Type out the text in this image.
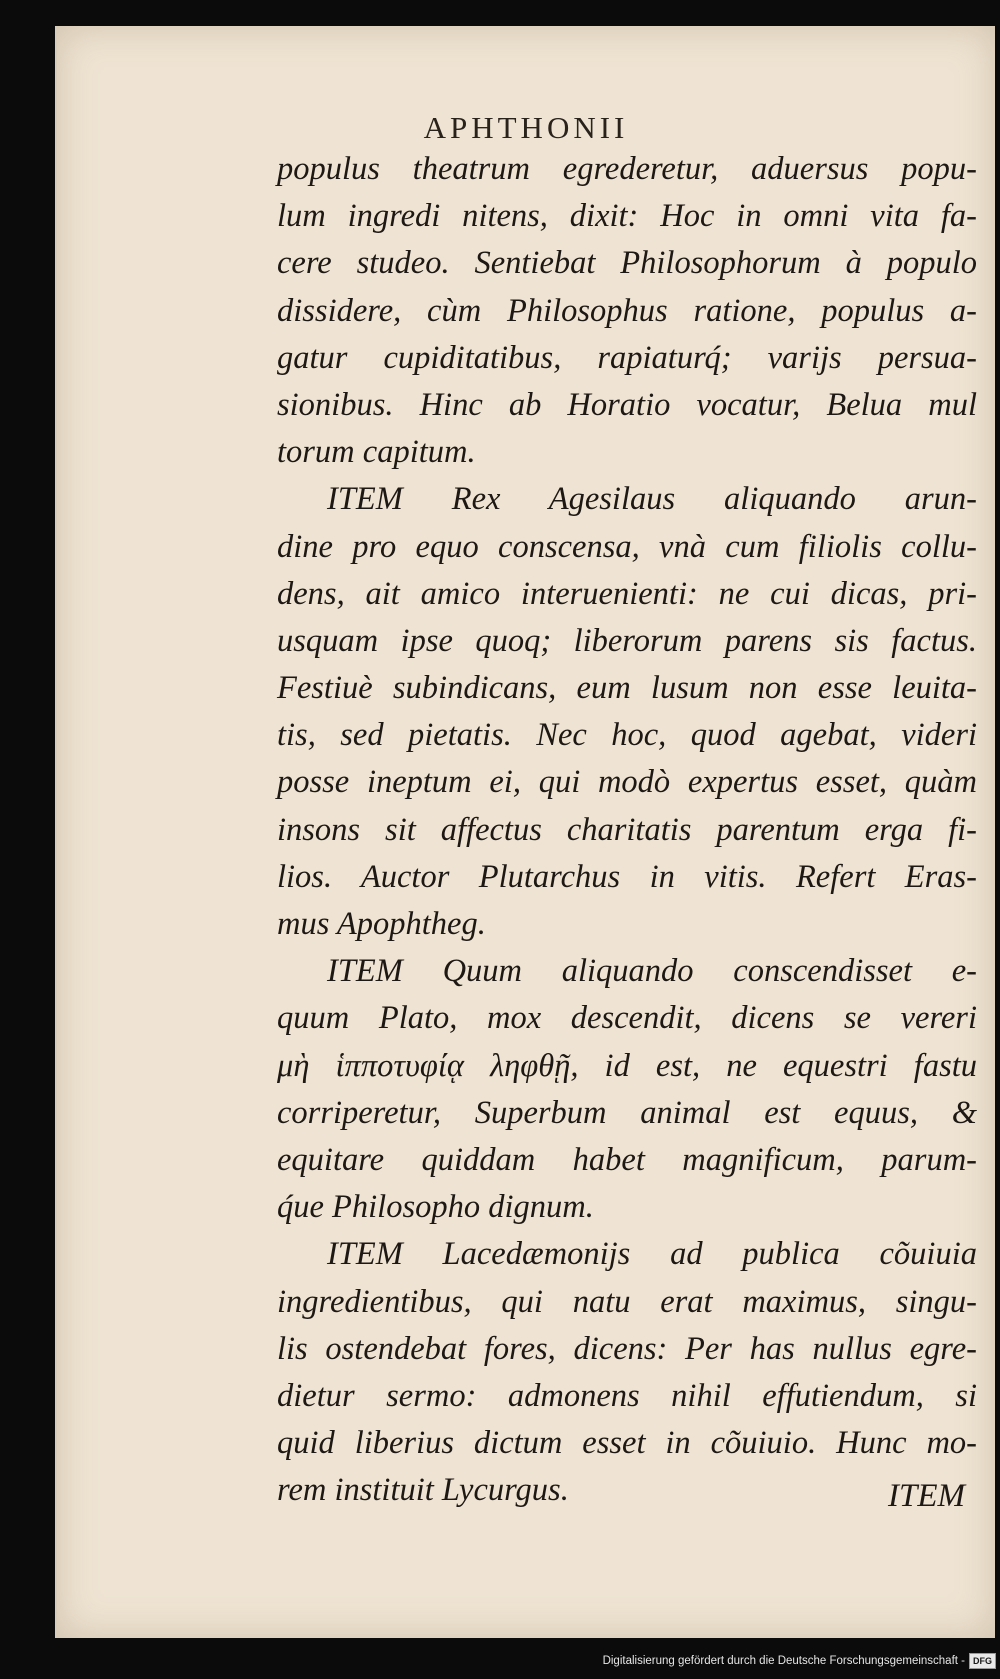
APHTHONII
populus theatrum egrederetur, aduersus popu-
lum ingredi nitens, dixit: Hoc in omni vita fa-
cere studeo. Sentiebat Philosophorum à populo
dissidere, cùm Philosophus ratione, populus a-
gatur cupiditatibus, rapiaturq́; varijs persua-
sionibus. Hinc ab Horatio vocatur, Belua mul
torum capitum.
ITEM Rex Agesilaus aliquando arun-
dine pro equo conscensa, vnà cum filiolis collu-
dens, ait amico interuenienti: ne cui dicas, pri-
usquam ipse quoq; liberorum parens sis factus.
Festiuè subindicans, eum lusum non esse leuita-
tis, sed pietatis. Nec hoc, quod agebat, videri
posse ineptum ei, qui modò expertus esset, quàm
insons sit affectus charitatis parentum erga fi-
lios. Auctor Plutarchus in vitis. Refert Eras-
mus Apophtheg.
ITEM Quum aliquando conscendisset e-
quum Plato, mox descendit, dicens se vereri
μὴ ἱπποτυφίᾳ ληφθῇ, id est, ne equestri fastu
corriperetur, Superbum animal est equus, &
equitare quiddam habet magnificum, parum-
q́ue Philosopho dignum.
ITEM Lacedæmonijs ad publica cõuiuia
ingredientibus, qui natu erat maximus, singu-
lis ostendebat fores, dicens: Per has nullus egre-
dietur sermo: admonens nihil effutiendum, si
quid liberius dictum esset in cõuiuio. Hunc mo-
rem instituit Lycurgus.	ITEM
Digitalisierung gefördert durch die Deutsche Forschungsgemeinschaft - DFG
